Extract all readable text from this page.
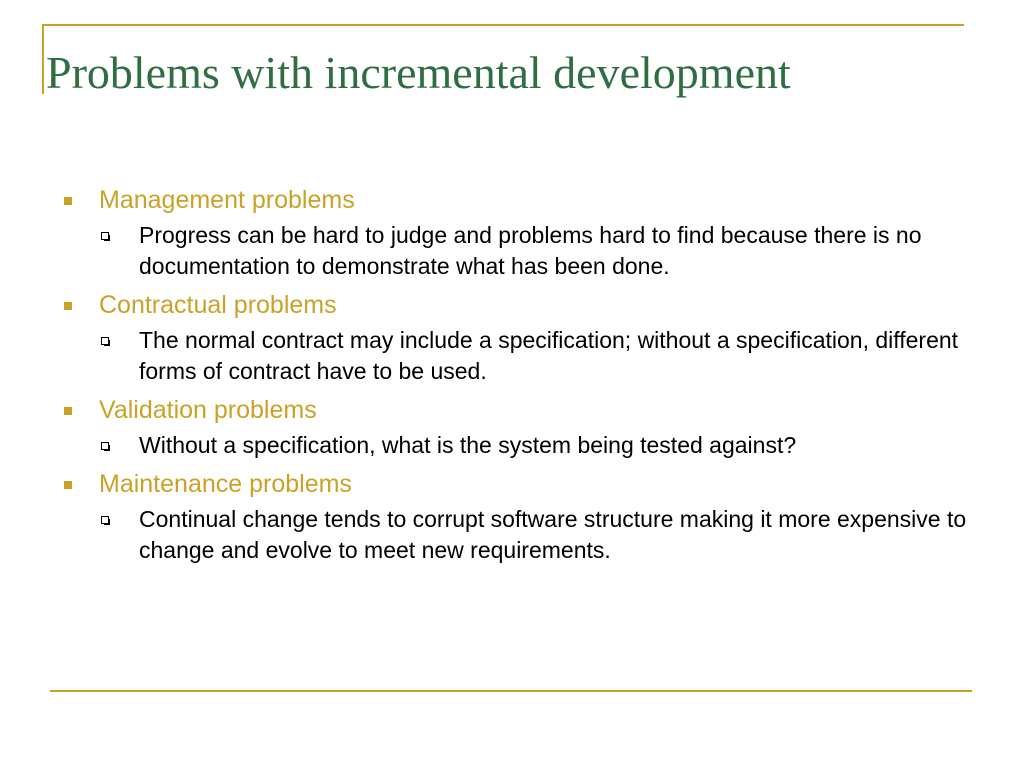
Problems with incremental development
Management problems
Progress can be hard to judge and problems hard to find because there is no documentation to demonstrate what has been done.
Contractual problems
The normal contract may include a specification; without a specification, different forms of contract have to be used.
Validation problems
Without a specification, what is the system being tested against?
Maintenance problems
Continual change tends to corrupt software structure making it more expensive to change and evolve to meet new requirements.
